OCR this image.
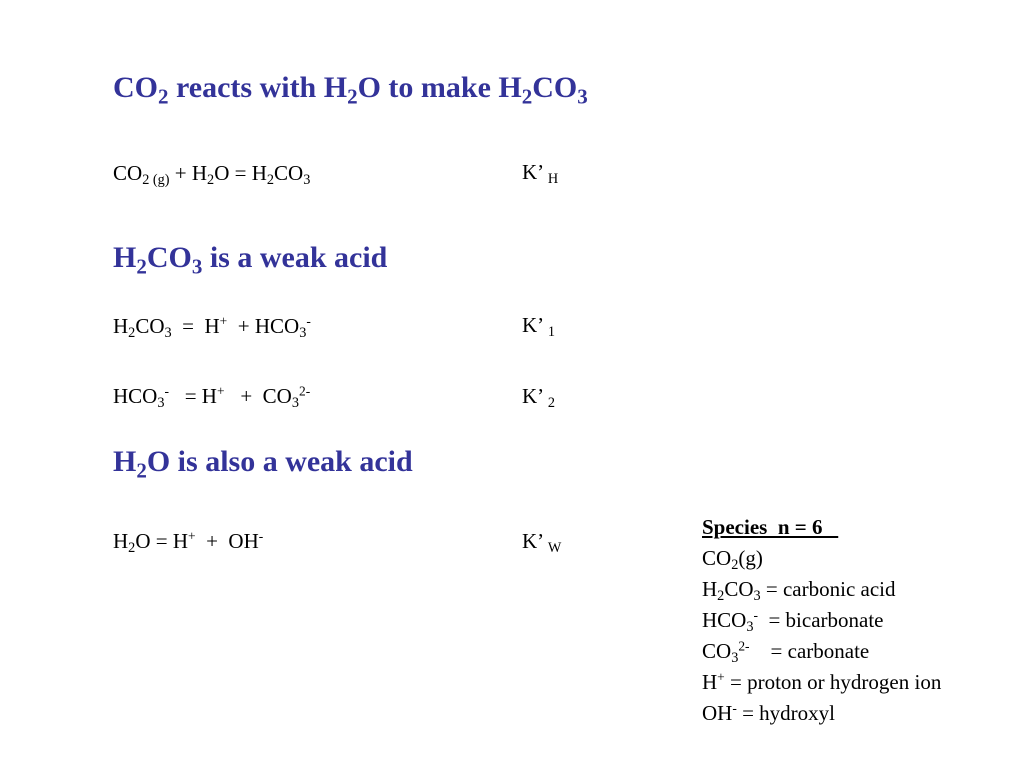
$CO_2$ reacts with $H_2O$ to make $H_2CO_3$
$CO_{2 (g)} + H_2O = H_2CO_3$	K’ $_H$
$H_2CO_3$ is a weak acid
$H_2CO_3 = H^+ + HCO_3^-$	K’ $_1$
$HCO_3^- = H^+ + CO_3^{2-}$	K’ $_2$
$H_2O$ is also a weak acid
$H_2O = H^+ + OH^-$	K’ $_W$
Species  n = 6
$CO_2(g)$
$H_2CO_3$ = carbonic acid
$HCO_3^-$  = bicarbonate
$CO_3^{2-}$    = carbonate
H+ = proton or hydrogen ion
OH- = hydroxyl
